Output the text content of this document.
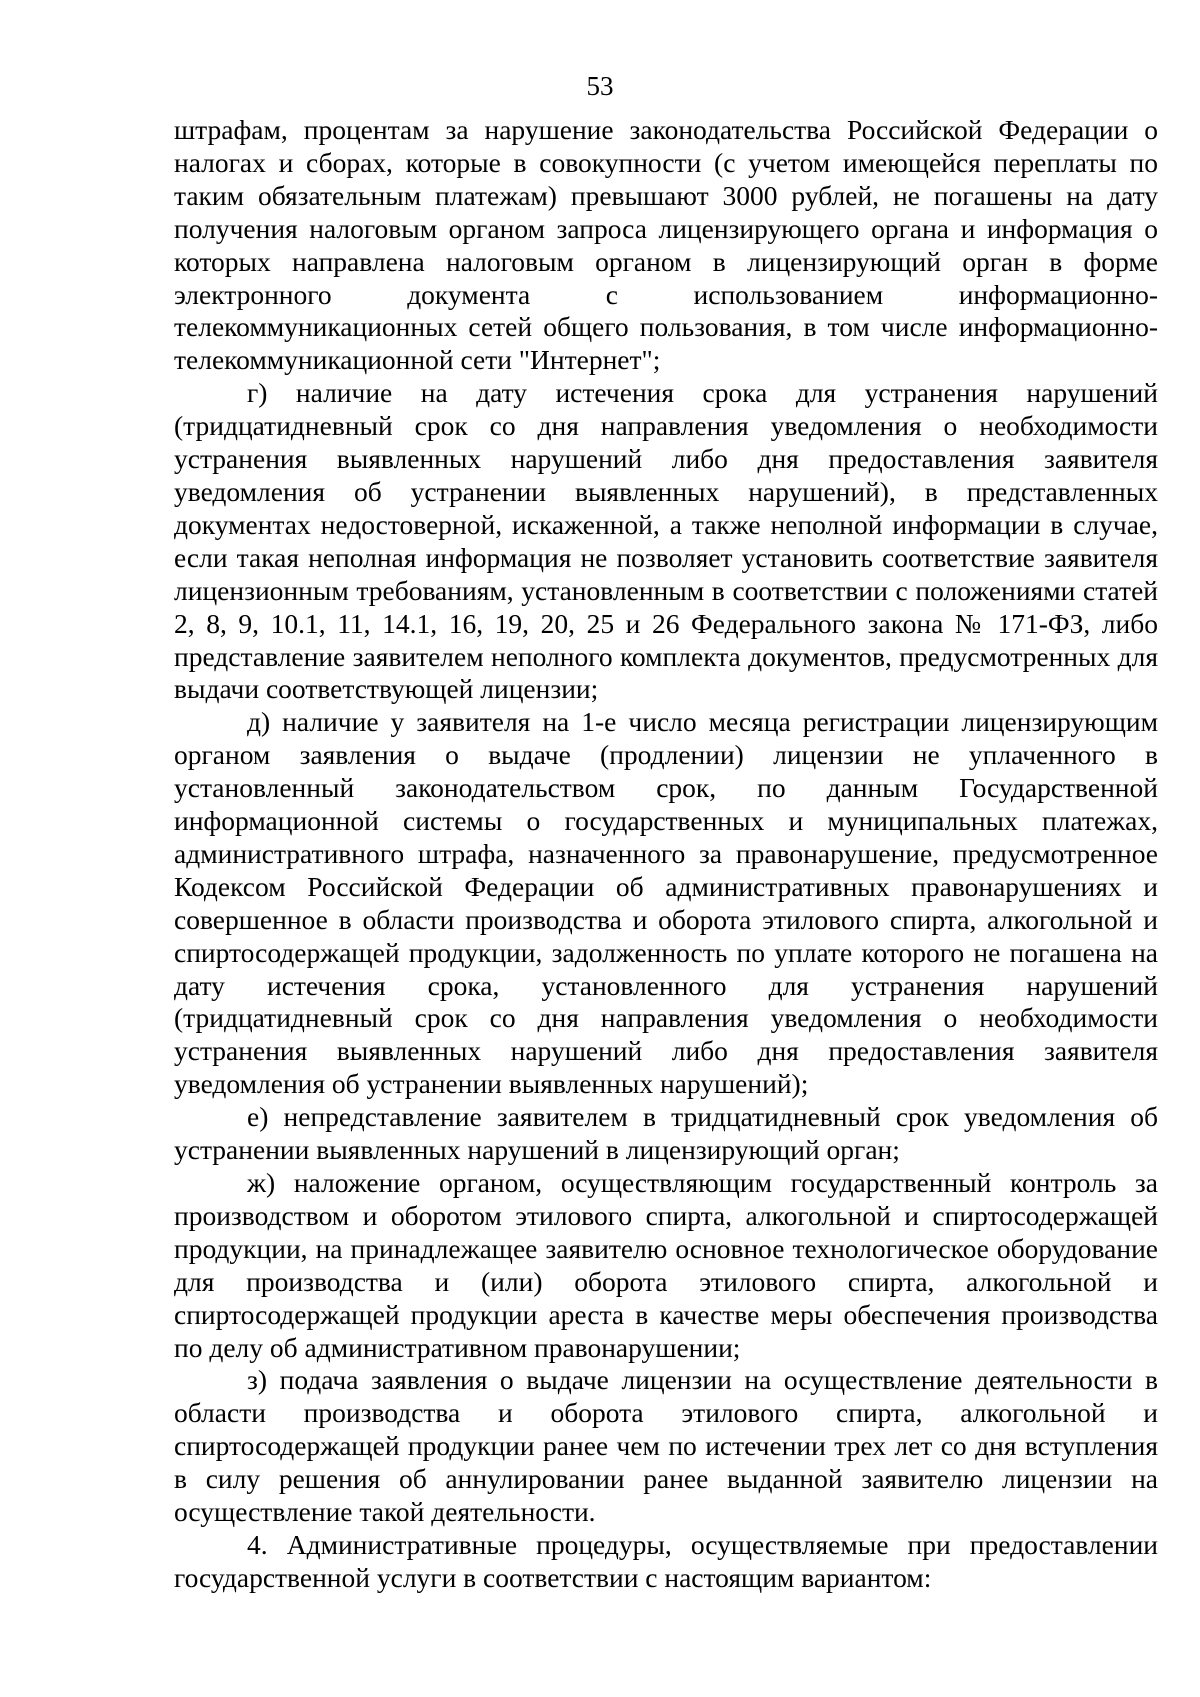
53

штрафам, процентам за нарушение законодательства Российской Федерации о налогах и сборах, которые в совокупности (с учетом имеющейся переплаты по таким обязательным платежам) превышают 3000 рублей, не погашены на дату получения налоговым органом запроса лицензирующего органа и информация о которых направлена налоговым органом в лицензирующий орган в форме электронного документа с использованием информационно-телекоммуникационных сетей общего пользования, в том числе информационно-телекоммуникационной сети "Интернет";

г) наличие на дату истечения срока для устранения нарушений (тридцатидневный срок со дня направления уведомления о необходимости устранения выявленных нарушений либо дня предоставления заявителя уведомления об устранении выявленных нарушений), в представленных документах недостоверной, искаженной, а также неполной информации в случае, если такая неполная информация не позволяет установить соответствие заявителя лицензионным требованиям, установленным в соответствии с положениями статей 2, 8, 9, 10.1, 11, 14.1, 16, 19, 20, 25 и 26 Федерального закона № 171-ФЗ, либо представление заявителем неполного комплекта документов, предусмотренных для выдачи соответствующей лицензии;

д) наличие у заявителя на 1-е число месяца регистрации лицензирующим органом заявления о выдаче (продлении) лицензии не уплаченного в установленный законодательством срок, по данным Государственной информационной системы о государственных и муниципальных платежах, административного штрафа, назначенного за правонарушение, предусмотренное Кодексом Российской Федерации об административных правонарушениях и совершенное в области производства и оборота этилового спирта, алкогольной и спиртосодержащей продукции, задолженность по уплате которого не погашена на дату истечения срока, установленного для устранения нарушений (тридцатидневный срок со дня направления уведомления о необходимости устранения выявленных нарушений либо дня предоставления заявителя уведомления об устранении выявленных нарушений);

е) непредставление заявителем в тридцатидневный срок уведомления об устранении выявленных нарушений в лицензирующий орган;

ж) наложение органом, осуществляющим государственный контроль за производством и оборотом этилового спирта, алкогольной и спиртосодержащей продукции, на принадлежащее заявителю основное технологическое оборудование для производства и (или) оборота этилового спирта, алкогольной и спиртосодержащей продукции ареста в качестве меры обеспечения производства по делу об административном правонарушении;

з) подача заявления о выдаче лицензии на осуществление деятельности в области производства и оборота этилового спирта, алкогольной и спиртосодержащей продукции ранее чем по истечении трех лет со дня вступления в силу решения об аннулировании ранее выданной заявителю лицензии на осуществление такой деятельности.

4. Административные процедуры, осуществляемые при предоставлении государственной услуги в соответствии с настоящим вариантом:
